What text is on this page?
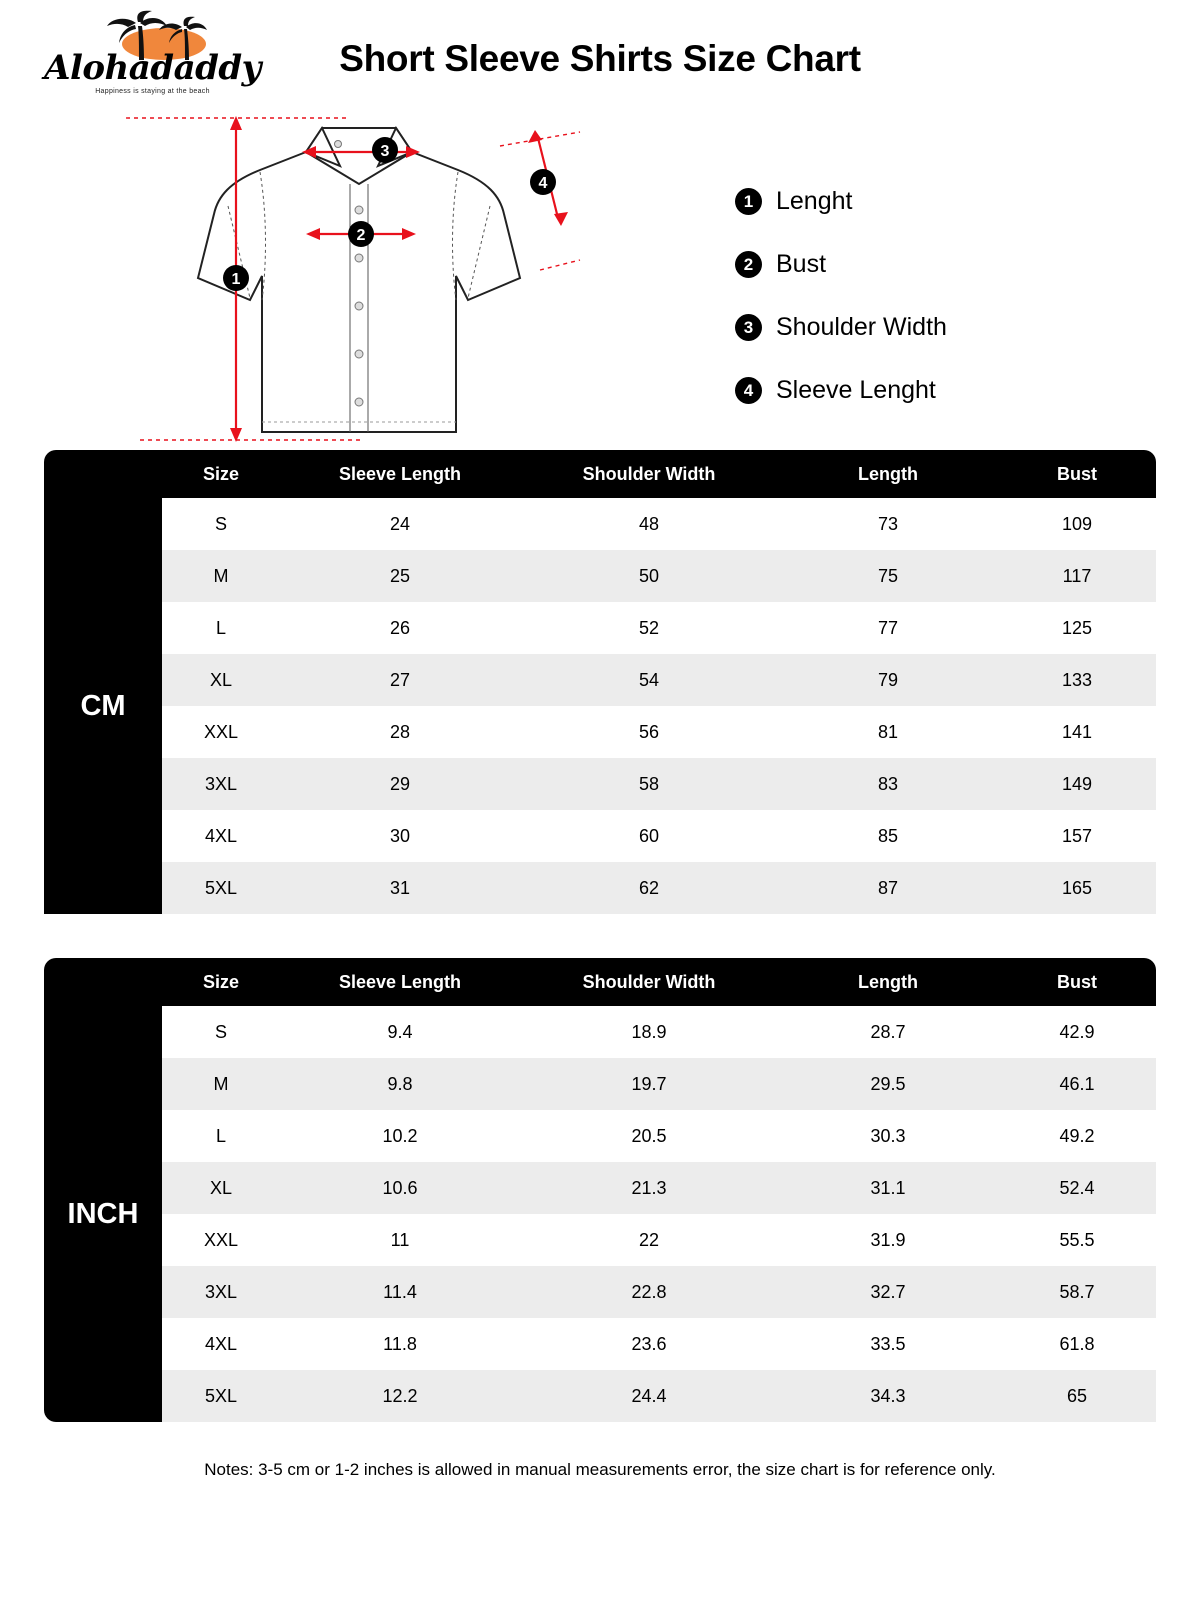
Alohadaddy
Happiness is staying at the beach
Short Sleeve Shirts Size Chart
3
2
1
4
1 Lenght
2 Bust
3 Shoulder Width
4 Sleeve Lenght
	Size	Sleeve Length	Shoulder Width	Length	Bust
CM	S	24	48	73	109
	M	25	50	75	117
	L	26	52	77	125
	XL	27	54	79	133
	XXL	28	56	81	141
	3XL	29	58	83	149
	4XL	30	60	85	157
	5XL	31	62	87	165
	Size	Sleeve Length	Shoulder Width	Length	Bust
INCH	S	9.4	18.9	28.7	42.9
	M	9.8	19.7	29.5	46.1
	L	10.2	20.5	30.3	49.2
	XL	10.6	21.3	31.1	52.4
	XXL	11	22	31.9	55.5
	3XL	11.4	22.8	32.7	58.7
	4XL	11.8	23.6	33.5	61.8
	5XL	12.2	24.4	34.3	65
Notes: 3-5 cm or 1-2 inches is allowed in manual measurements error, the size chart is for reference only.
